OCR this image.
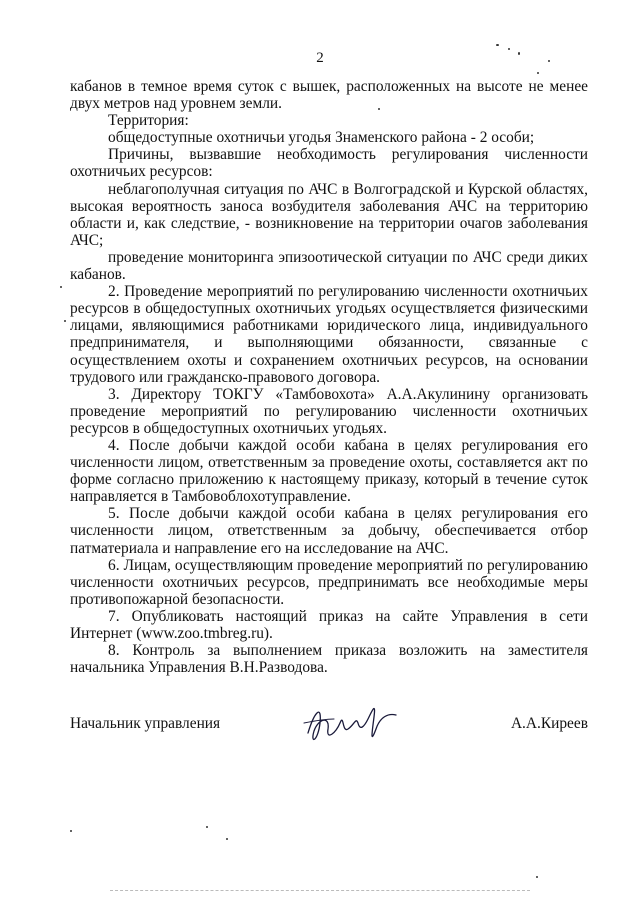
2

кабанов в темное время суток с вышек, расположенных на высоте не менее двух метров над уровнем земли.

Территория:

общедоступные охотничьи угодья Знаменского района - 2 особи;

Причины, вызвавшие необходимость регулирования численности охотничьих ресурсов:

неблагополучная ситуация по АЧС в Волгоградской и Курской областях, высокая вероятность заноса возбудителя заболевания АЧС на территорию области и, как следствие, - возникновение на территории очагов заболевания АЧС;

проведение мониторинга эпизоотической ситуации по АЧС среди диких кабанов.

2. Проведение мероприятий по регулированию численности охотничьих ресурсов в общедоступных охотничьих угодьях осуществляется физическими лицами, являющимися работниками юридического лица, индивидуального предпринимателя, и выполняющими обязанности, связанные с осуществлением охоты и сохранением охотничьих ресурсов, на основании трудового или гражданско-правового договора.

3. Директору ТОКГУ «Тамбовохота» А.А.Акулинину организовать проведение мероприятий по регулированию численности охотничьих ресурсов в общедоступных охотничьих угодьях.

4. После добычи каждой особи кабана в целях регулирования его численности лицом, ответственным за проведение охоты, составляется акт по форме согласно приложению к настоящему приказу, который в течение суток направляется в Тамбовоблохотуправление.

5. После добычи каждой особи кабана в целях регулирования его численности лицом, ответственным за добычу, обеспечивается отбор патматериала и направление его на исследование на АЧС.

6. Лицам, осуществляющим проведение мероприятий по регулированию численности охотничьих ресурсов, предпринимать все необходимые меры противопожарной безопасности.

7. Опубликовать настоящий приказ на сайте Управления в сети Интернет (www.zoo.tmbreg.ru).

8. Контроль за выполнением приказа возложить на заместителя начальника Управления В.Н.Разводова.

Начальник управления	А.А.Киреев
